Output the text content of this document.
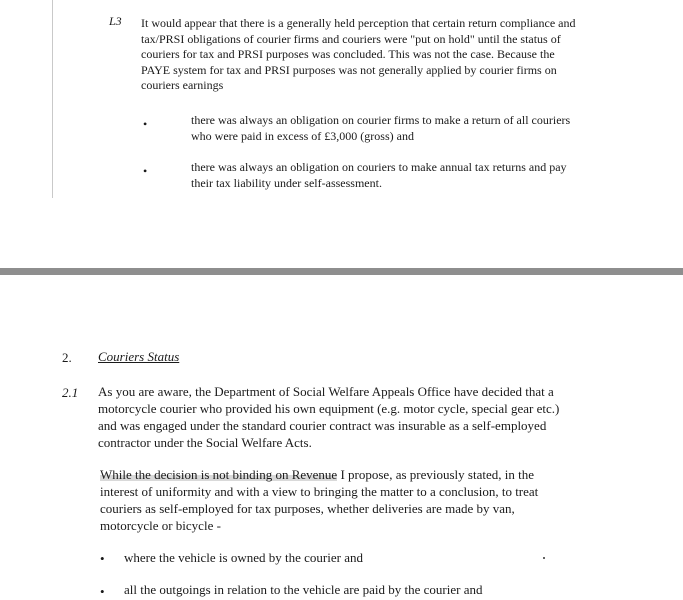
L3 It would appear that there is a generally held perception that certain return compliance and tax/PRSI obligations of courier firms and couriers were "put on hold" until the status of couriers for tax and PRSI purposes was concluded. This was not the case. Because the PAYE system for tax and PRSI purposes was not generally applied by courier firms on couriers earnings

•	there was always an obligation on courier firms to make a return of all couriers who were paid in excess of £3,000 (gross) and

•	there was always an obligation on couriers to make annual tax returns and pay their tax liability under self-assessment.

2. Couriers Status
2.1 As you are aware, the Department of Social Welfare Appeals Office have decided that a motorcycle courier who provided his own equipment (e.g. motor cycle, special gear etc.) and was engaged under the standard courier contract was insurable as a self-employed contractor under the Social Welfare Acts.

While the decision is not binding on Revenue I propose, as previously stated, in the interest of uniformity and with a view to bringing the matter to a conclusion, to treat couriers as self-employed for tax purposes, whether deliveries are made by van, motorcycle or bicycle -

• where the vehicle is owned by the courier and

• all the outgoings in relation to the vehicle are paid by the courier and
